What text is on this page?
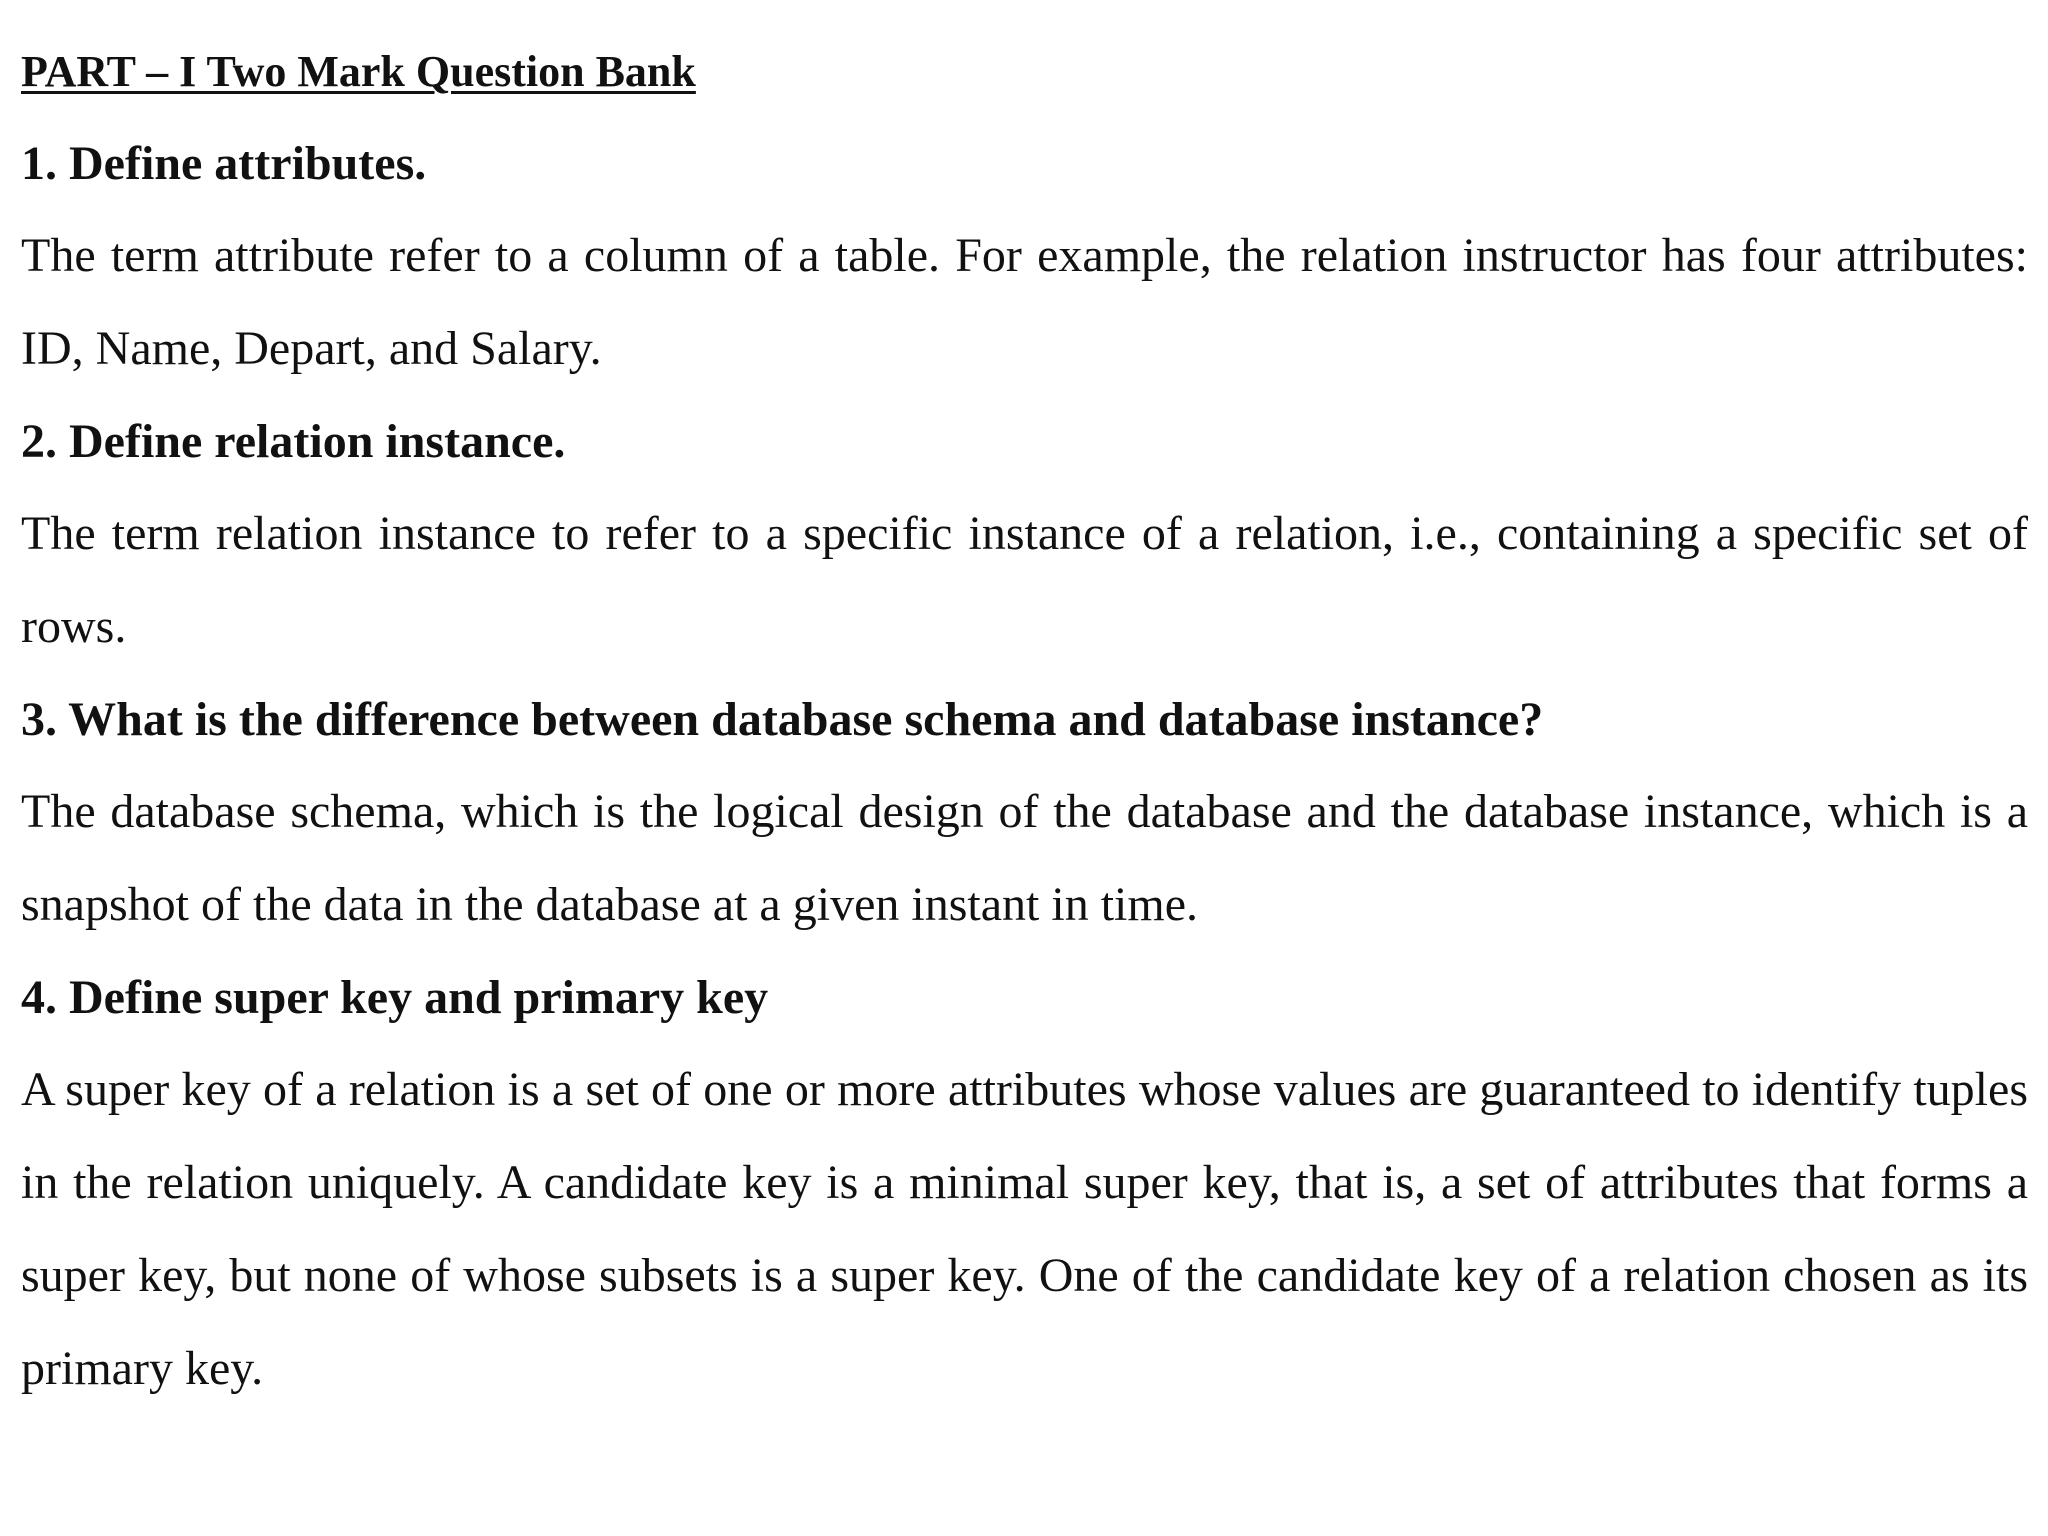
PART – I Two Mark Question Bank
1. Define attributes.

The term attribute refer to a column of a table. For example, the relation instructor has four attributes: ID, Name, Depart, and Salary.

2. Define relation instance.

The term relation instance to refer to a specific instance of a relation, i.e., containing a specific set of rows.

3. What is the difference between database schema and database instance?

The database schema, which is the logical design of the database and the database instance, which is a snapshot of the data in the database at a given instant in time.

4. Define super key and primary key

A super key of a relation is a set of one or more attributes whose values are guaranteed to identify tuples in the relation uniquely. A candidate key is a minimal super key, that is, a set of attributes that forms a super key, but none of whose subsets is a super key. One of the candidate key of a relation chosen as its primary key.
